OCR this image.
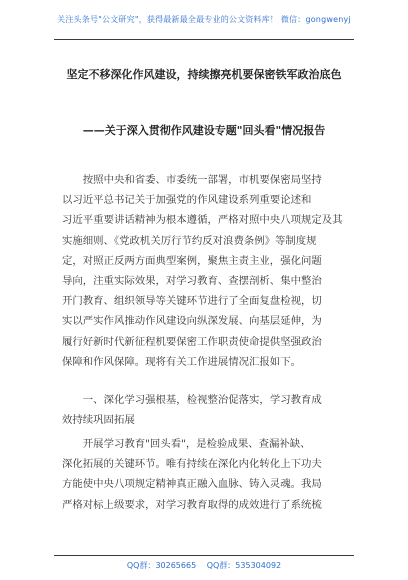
关注头条号"公文研究"，获得最新最全最专业的公文资料库！ 微信：gongwenyj
坚定不移深化作风建设，持续擦亮机要保密铁军政治底色
——关于深入贯彻作风建设专题"回头看"情况报告

按照中央和省委、市委统一部署，市机要保密局坚持

以习近平总书记关于加强党的作风建设系列重要论述和

习近平重要讲话精神为根本遵循，严格对照中央八项规定及其

实施细则、《党政机关厉行节约反对浪费条例》等制度规

定，对照正反两方面典型案例，聚焦主责主业，强化问题

导向，注重实际效果，对学习教育、查摆剖析、集中整治

开门教育、组织领导等关键环节进行了全面复盘检视，切

实以严实作风推动作风建设向纵深发展、向基层延伸，为

履行好新时代新征程机要保密工作职责使命提供坚强政治

保障和作风保障。现将有关工作进展情况汇报如下。

一、深化学习强根基，检视整治促落实，学习教育成

效持续巩固拓展

开展学习教育"回头看"，是检验成果、查漏补缺、

深化拓展的关键环节。唯有持续在深化内化转化上下功夫

方能使中央八项规定精神真正融入血脉、铸入灵魂。我局

严格对标上级要求，对学习教育取得的成效进行了系统梳

QQ群：30265665 QQ群：535304092
